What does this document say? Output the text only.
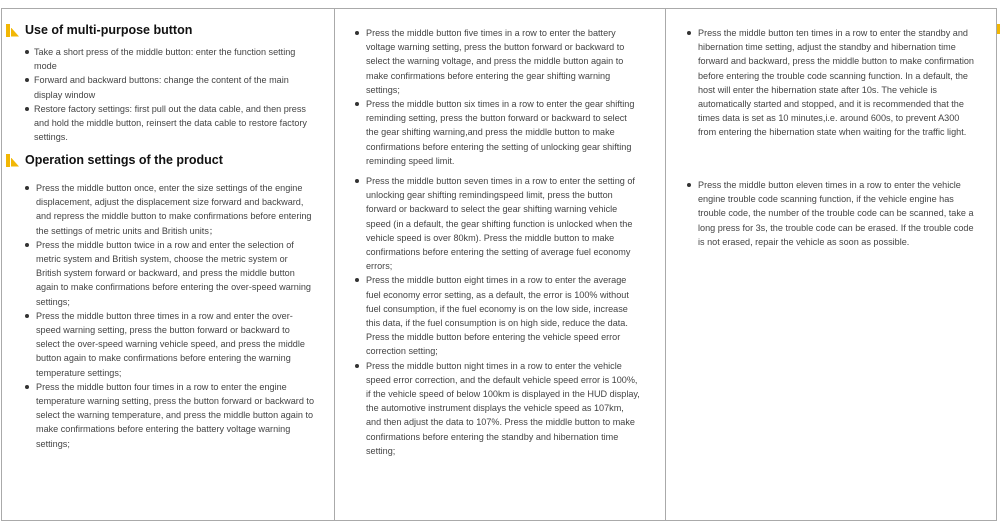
Use of multi-purpose button
Take a short press of the middle button: enter the function setting mode
Forward and backward buttons: change the content of the main display window
Restore factory settings: first pull out the data cable, and then press and hold the middle button, reinsert the data cable to restore factory settings.
Operation settings of the product
Press the middle button once, enter the size settings of the engine displacement, adjust the displacement size forward and backward, and repress the middle button to make confirmations before entering the settings of metric units and British units；
Press the middle button twice in a row and enter the selection of metric system and British system, choose the metric system or British system forward or backward, and press the middle button again to make confirmations before entering the over-speed warning settings;
Press the middle button three times in a row and enter the over-speed warning setting, press the button forward or backward to select the over-speed warning vehicle speed, and press the middle button again to make confirmations before entering the warning temperature settings;
Press the middle button four times in a row to enter the engine temperature warning setting, press the button forward or backward to select the warning temperature, and press the middle button again to make confirmations before entering the battery voltage warning settings;
Press the middle button five times in a row to enter the battery voltage warning setting, press the button forward or backward to select the warning voltage, and press the middle button again to make confirmations before entering the gear shifting warning settings;
Press the middle button six times in a row to enter the gear shifting reminding setting, press the button forward or backward to select the gear shifting warning,and press the middle button to make confirmations before entering the setting of unlocking gear shifting reminding speed limit.
Press the middle button seven times in a row to enter the setting of unlocking gear shifting remindingspeed limit, press the button forward or backward to select the gear shifting warning vehicle speed (in a default, the gear shifting function is unlocked when the vehicle speed is over 80km). Press the middle button to make confirmations before entering the setting of average fuel economy errors;
Press the middle button eight times in a row to enter the average fuel economy error setting, as a default, the error is 100% without fuel consumption, if the fuel economy is on the low side, increase this data, if the fuel consumption is on high side, reduce the data. Press the middle button before entering the vehicle speed error correction setting;
Press the middle button night times in a row to enter the vehicle speed error correction, and the default vehicle speed error is 100%, if the vehicle speed of below 100km is displayed in the HUD display, the automotive instrument displays the vehicle speed as 107km, and then adjust the data to 107%. Press the middle button to make confirmations before entering the standby and hibernation time setting;
Press the middle button ten times in a row to enter the standby and hibernation time setting, adjust the standby and hibernation time forward and backward, press the middle button to make confirmation before entering the trouble code scanning function. In a default, the host will enter the hibernation state after 10s. The vehicle is automatically started and stopped, and it is recommended that the times data is set as 10 minutes,i.e. around 600s, to prevent A300 from entering the hibernation state when waiting for the traffic light.
Press the middle button eleven times in a row to enter the vehicle engine trouble code scanning function, if the vehicle engine has trouble code, the number of the trouble code can be scanned, take a long press for 3s, the trouble code can be erased. If the trouble code is not erased, repair the vehicle as soon as possible.
